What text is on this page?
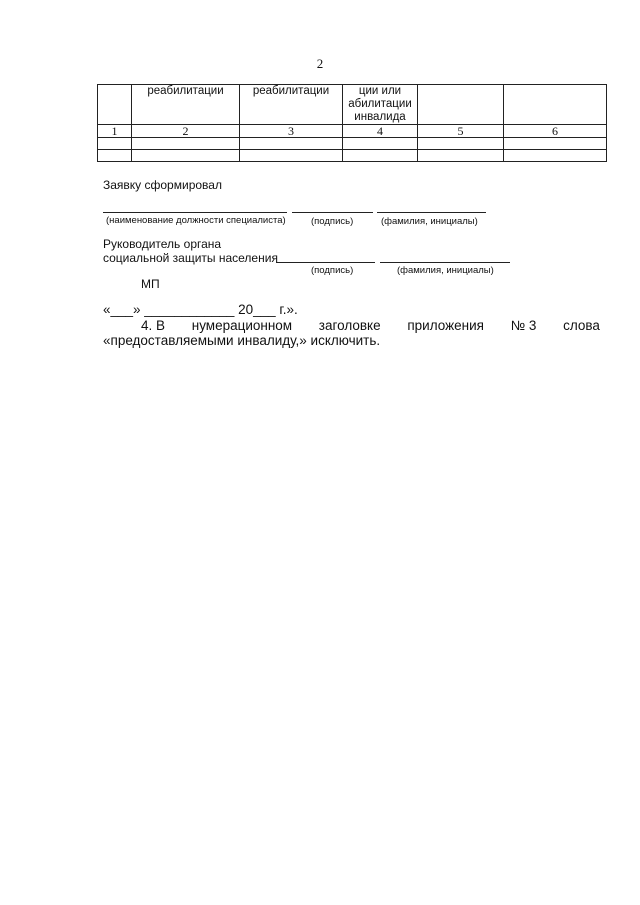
2
	реабилитации	реабилитации	ции или абилитации инвалида		
1	2	3	4	5	6

Заявку сформировал
(наименование должности специалиста)	(подпись)	(фамилия, инициалы)
Руководитель органа
социальной защиты населения
(подпись)	(фамилия, инициалы)
МП
«___» ____________ 20___ г.».
4. В нумерационном заголовке приложения № 3 слова
«предоставляемыми инвалиду,» исключить.
